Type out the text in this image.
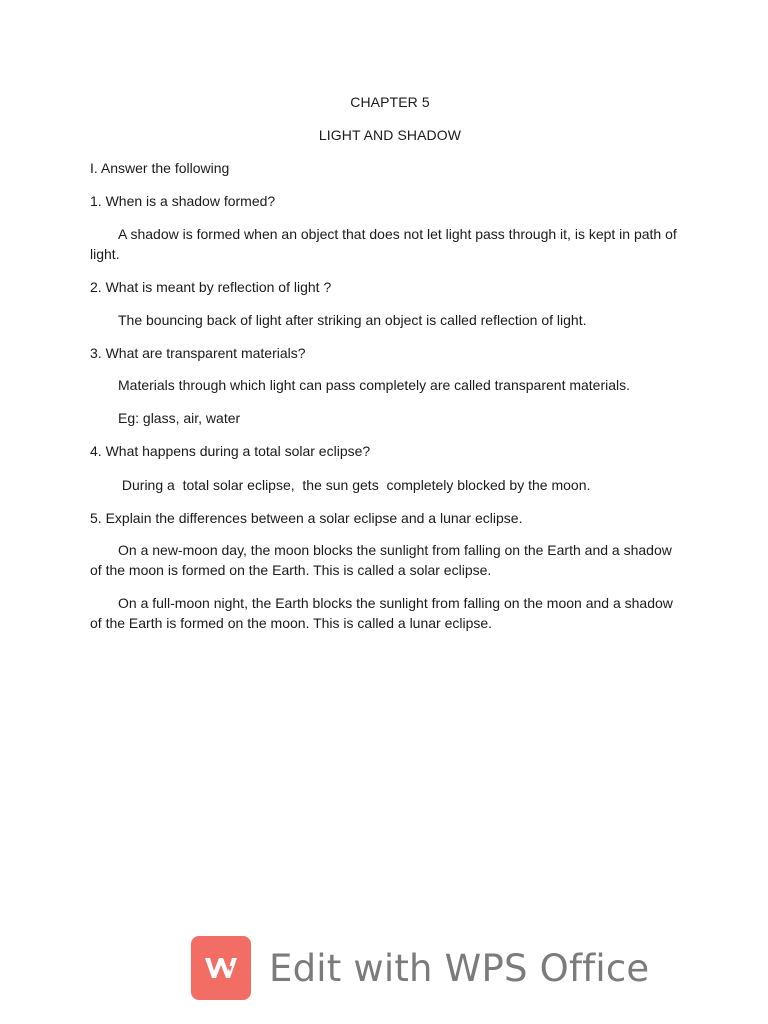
CHAPTER 5
LIGHT AND SHADOW
I. Answer the following
1. When is a shadow formed?
A shadow is formed when an object that does not let light pass through it, is kept in path of light.
2. What is meant by reflection of light ?
The bouncing back of light after striking an object is called reflection of light.
3. What are transparent materials?
Materials through which light can pass completely are called transparent materials.
Eg: glass, air, water
4. What happens during a total solar eclipse?
During a  total solar eclipse,  the sun gets  completely blocked by the moon.
5. Explain the differences between a solar eclipse and a lunar eclipse.
On a new-moon day, the moon blocks the sunlight from falling on the Earth and a shadow of the moon is formed on the Earth. This is called a solar eclipse.
On a full-moon night, the Earth blocks the sunlight from falling on the moon and a shadow of the Earth is formed on the moon. This is called a lunar eclipse.
Edit with WPS Office
